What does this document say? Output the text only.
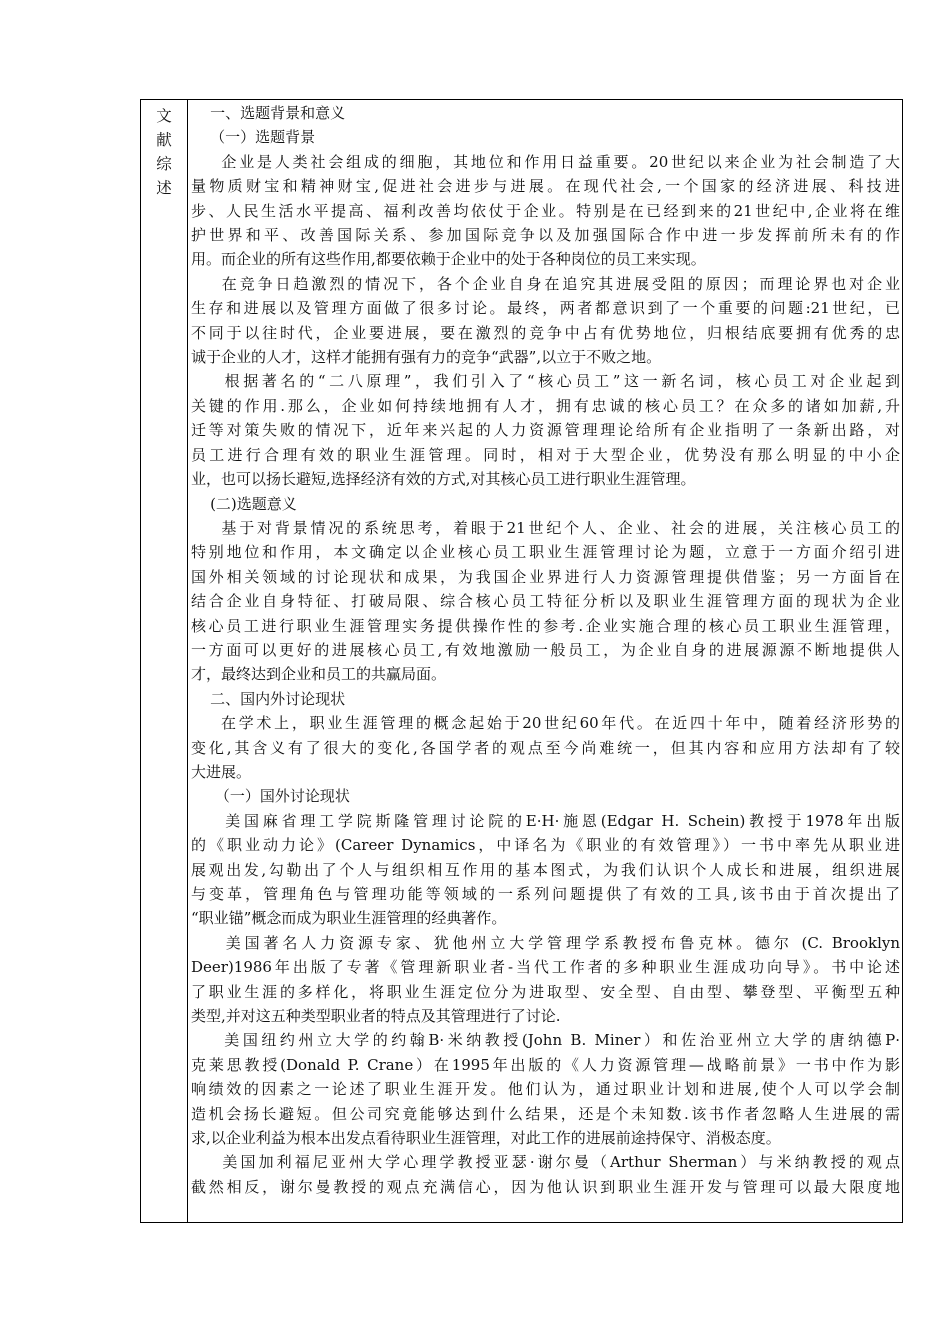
文
献
综
述
一、选题背景和意义
（一）选题背景
企业是人类社会组成的细胞，其地位和作用日益重要。20世纪以来企业为社会制造了大
量物质财宝和精神财宝,促进社会进步与进展。在现代社会,一个国家的经济进展、科技进
步、人民生活水平提高、福利改善均依仗于企业。特别是在已经到来的21世纪中,企业将在维
护世界和平、改善国际关系、参加国际竞争以及加强国际合作中进一步发挥前所未有的作
用。而企业的所有这些作用,都要依赖于企业中的处于各种岗位的员工来实现。
在竞争日趋激烈的情况下，各个企业自身在追究其进展受阻的原因；而理论界也对企业
生存和进展以及管理方面做了很多讨论。最终，两者都意识到了一个重要的问题:21世纪，已
不同于以往时代，企业要进展，要在激烈的竞争中占有优势地位，归根结底要拥有优秀的忠
诚于企业的人才，这样才能拥有强有力的竞争“武器”,以立于不败之地。
根据著名的“二八原理”，我们引入了“核心员工”这一新名词，核心员工对企业起到
关键的作用.那么，企业如何持续地拥有人才，拥有忠诚的核心员工？在众多的诸如加薪,升
迁等对策失败的情况下，近年来兴起的人力资源管理理论给所有企业指明了一条新出路，对
员工进行合理有效的职业生涯管理。同时，相对于大型企业，优势没有那么明显的中小企
业，也可以扬长避短,选择经济有效的方式,对其核心员工进行职业生涯管理。
(二)选题意义
基于对背景情况的系统思考，着眼于21世纪个人、企业、社会的进展，关注核心员工的
特别地位和作用，本文确定以企业核心员工职业生涯管理讨论为题，立意于一方面介绍引进
国外相关领域的讨论现状和成果，为我国企业界进行人力资源管理提供借鉴；另一方面旨在
结合企业自身特征、打破局限、综合核心员工特征分析以及职业生涯管理方面的现状为企业
核心员工进行职业生涯管理实务提供操作性的参考.企业实施合理的核心员工职业生涯管理，
一方面可以更好的进展核心员工,有效地激励一般员工，为企业自身的进展源源不断地提供人
才，最终达到企业和员工的共赢局面。
二、国内外讨论现状
在学术上，职业生涯管理的概念起始于20世纪60年代。在近四十年中，随着经济形势的
变化,其含义有了很大的变化,各国学者的观点至今尚难统一，但其内容和应用方法却有了较
大进展。
（一）国外讨论现状
美国麻省理工学院斯隆管理讨论院的E·H·施恩(Edgar H. Schein)教授于1978年出版
的《职业动力论》(Career Dynamics，中译名为《职业的有效管理》）一书中率先从职业进
展观出发,勾勒出了个人与组织相互作用的基本图式，为我们认识个人成长和进展，组织进展
与变革，管理角色与管理功能等领域的一系列问题提供了有效的工具,该书由于首次提出了
“职业锚”概念而成为职业生涯管理的经典著作。
美国著名人力资源专家、犹他州立大学管理学系教授布鲁克林。德尔 (C. Brooklyn
Deer)1986年出版了专著《管理新职业者-当代工作者的多种职业生涯成功向导》。书中论述
了职业生涯的多样化，将职业生涯定位分为进取型、安全型、自由型、攀登型、平衡型五种
类型,并对这五种类型职业者的特点及其管理进行了讨论.
美国纽约州立大学的约翰B·米纳教授(John B. Miner）和佐治亚州立大学的唐纳德P·
克莱思教授(Donald P. Crane）在1995年出版的《人力资源管理—战略前景》一书中作为影
响绩效的因素之一论述了职业生涯开发。他们认为，通过职业计划和进展,使个人可以学会制
造机会扬长避短。但公司究竟能够达到什么结果，还是个未知数.该书作者忽略人生进展的需
求,以企业利益为根本出发点看待职业生涯管理，对此工作的进展前途持保守、消极态度。
美国加利福尼亚州大学心理学教授亚瑟·谢尔曼（Arthur Sherman）与米纳教授的观点
截然相反，谢尔曼教授的观点充满信心，因为他认识到职业生涯开发与管理可以最大限度地
